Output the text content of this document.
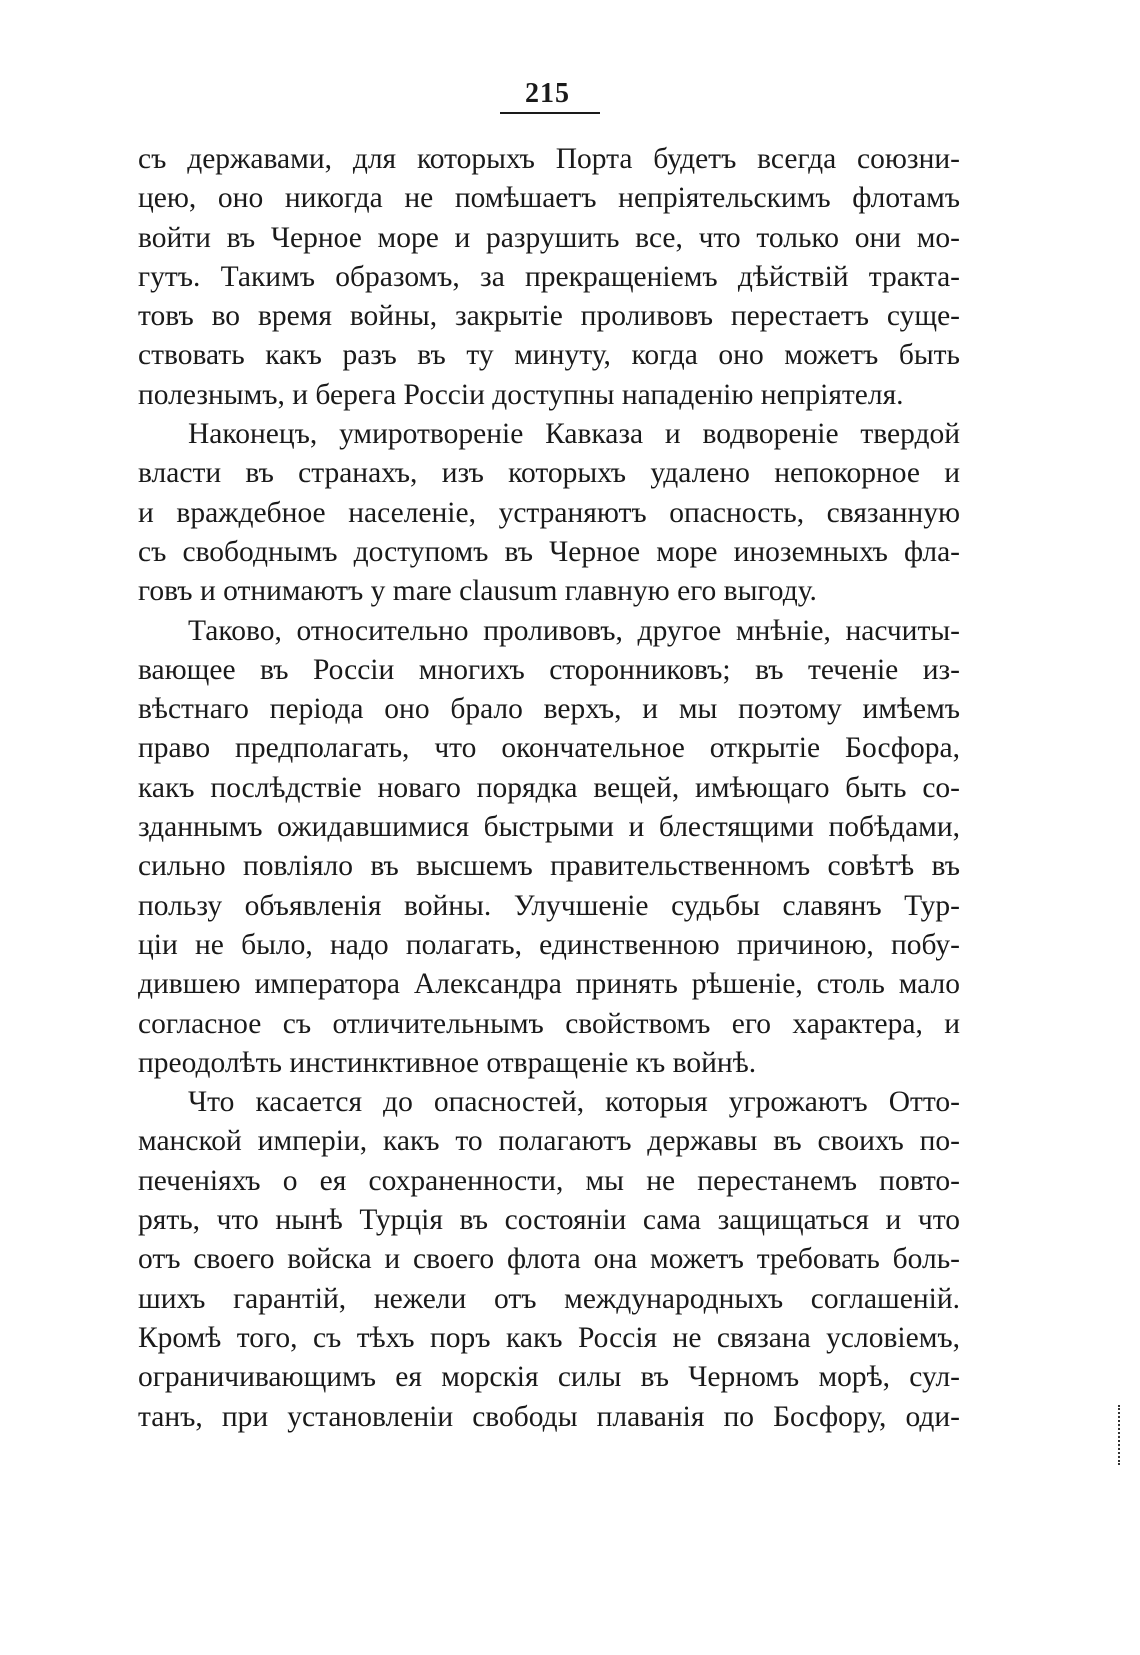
215
съ державами, для которыхъ Порта будетъ всегда союзни-
цею, оно никогда не помѣшаетъ непріятельскимъ флотамъ
войти въ Черное море и разрушить все, что только они мо-
гутъ. Такимъ образомъ, за прекращеніемъ дѣйствій тракта-
товъ во время войны, закрытіе проливовъ перестаетъ суще-
ствовать какъ разъ въ ту минуту, когда оно можетъ быть
полезнымъ, и берега Россіи доступны нападенію непріятеля.
Наконецъ, умиротвореніе Кавказа и водвореніе твердой
власти въ странахъ, изъ которыхъ удалено непокорное и
и враждебное населеніе, устраняютъ опасность, связанную
съ свободнымъ доступомъ въ Черное море иноземныхъ фла-
говъ и отнимаютъ у mare clausum главную его выгоду.
Таково, относительно проливовъ, другое мнѣніе, насчиты-
вающее въ Россіи многихъ сторонниковъ; въ теченіе из-
вѣстнаго періода оно брало верхъ, и мы поэтому имѣемъ
право предполагать, что окончательное открытіе Босфора,
какъ послѣдствіе новаго порядка вещей, имѣющаго быть со-
зданнымъ ожидавшимися быстрыми и блестящими побѣдами,
сильно повліяло въ высшемъ правительственномъ совѣтѣ въ
пользу объявленія войны. Улучшеніе судьбы славянъ Тур-
ціи не было, надо полагать, единственною причиною, побу-
дившею императора Александра принять рѣшеніе, столь мало
согласное съ отличительнымъ свойствомъ его характера, и
преодолѣть инстинктивное отвращеніе къ войнѣ.
Что касается до опасностей, которыя угрожаютъ Отто-
манской имперіи, какъ то полагаютъ державы въ своихъ по-
печеніяхъ о ея сохраненности, мы не перестанемъ повто-
рять, что нынѣ Турція въ состояніи сама защищаться и что
отъ своего войска и своего флота она можетъ требовать боль-
шихъ гарантій, нежели отъ международныхъ соглашеній.
Кромѣ того, съ тѣхъ поръ какъ Россія не связана условіемъ,
ограничивающимъ ея морскія силы въ Черномъ морѣ, сул-
танъ, при установленіи свободы плаванія по Босфору, оди-
